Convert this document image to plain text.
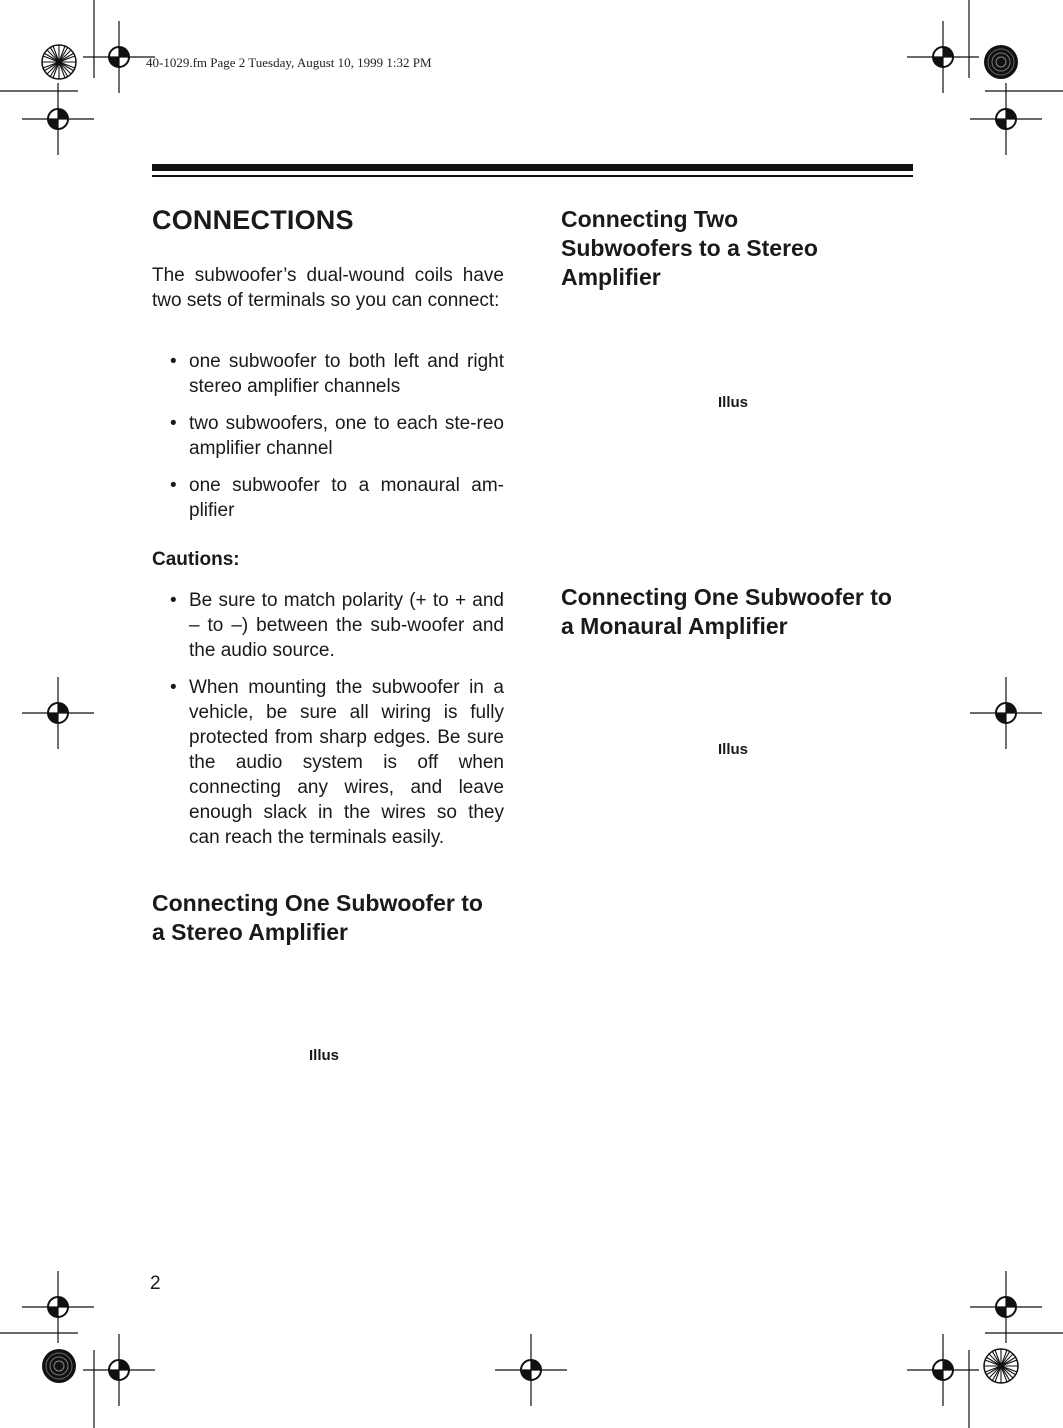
40-1029.fm Page 2 Tuesday, August 10, 1999 1:32 PM
CONNECTIONS

The subwoofer’s dual-wound coils have two sets of terminals so you can connect:

• one subwoofer to both left and right stereo amplifier channels
• two subwoofers, one to each ste-reo amplifier channel
• one subwoofer to a monaural am-plifier

Cautions:

• Be sure to match polarity (+ to + and – to –) between the sub-woofer and the audio source.
• When mounting the subwoofer in a vehicle, be sure all wiring is fully protected from sharp edges. Be sure the audio system is off when connecting any wires, and leave enough slack in the wires so they can reach the terminals easily.
Connecting One Subwoofer to a Stereo Amplifier
Illus
Connecting Two Subwoofers to a Stereo Amplifier
Illus
Connecting One Subwoofer to a Monaural Amplifier
Illus
2
